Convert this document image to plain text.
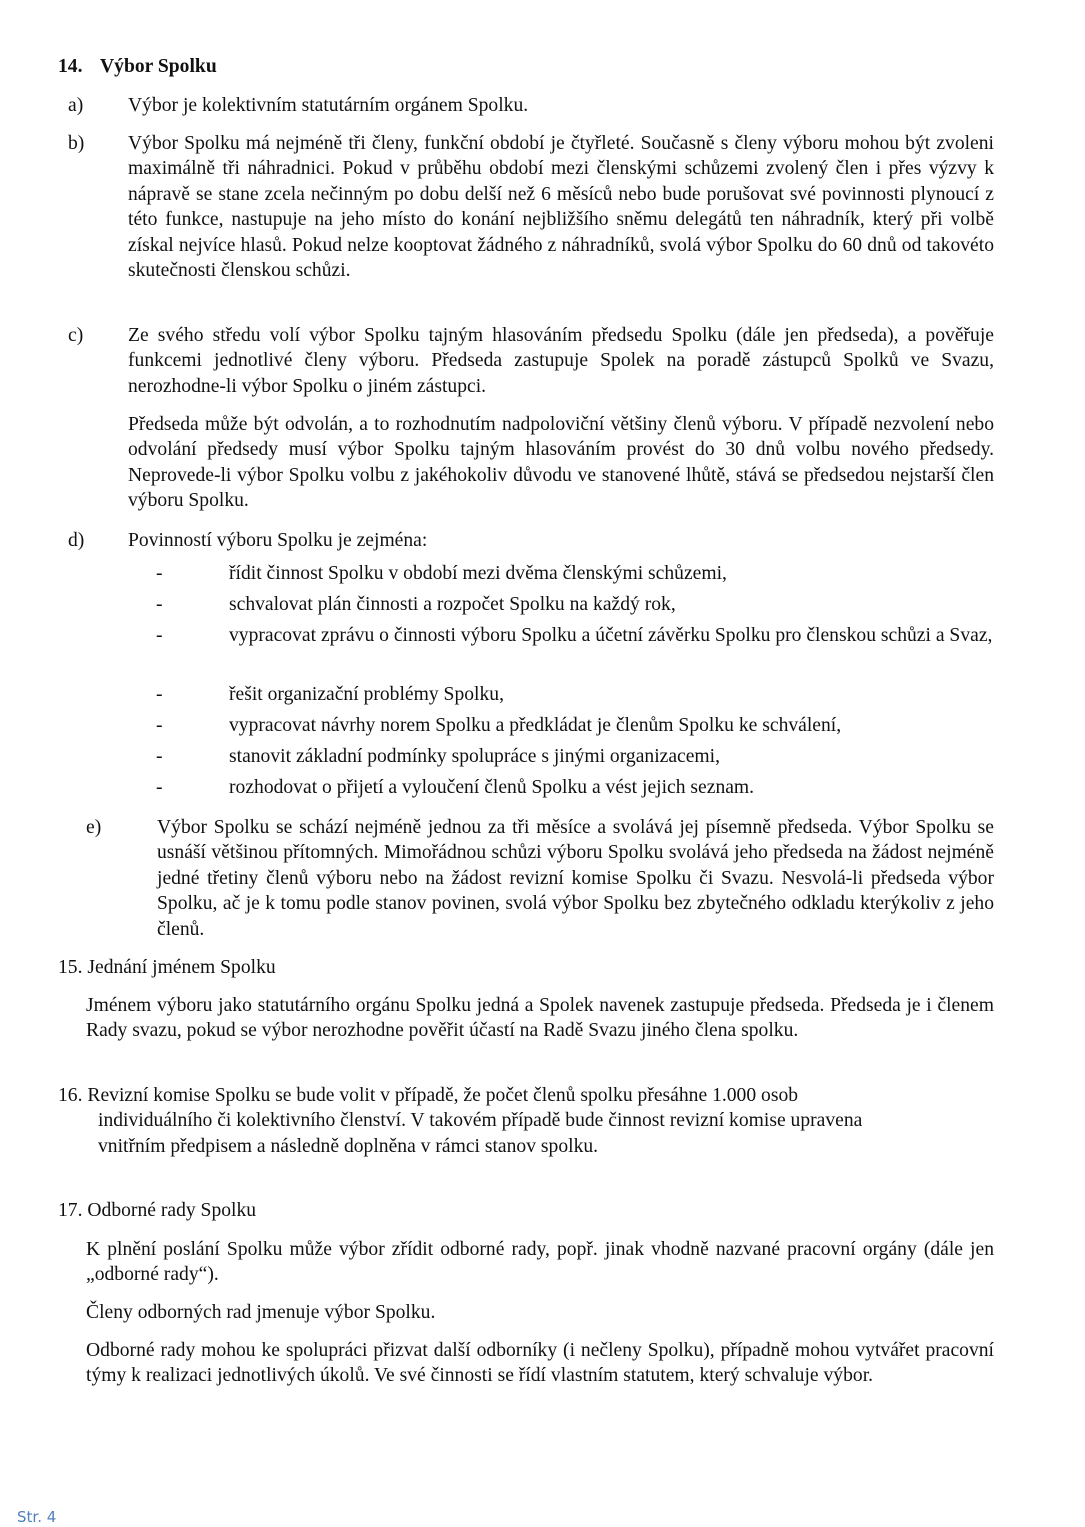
14. Výbor Spolku
a) Výbor je kolektivním statutárním orgánem Spolku.

b) Výbor Spolku má nejméně tři členy, funkční období je čtyřleté. Současně s členy výboru mohou být zvoleni maximálně tři náhradnici. Pokud v průběhu období mezi členskými schůzemi zvolený člen i přes výzvy k nápravě se stane zcela nečinným po dobu delší než 6 měsíců nebo bude porušovat své povinnosti plynoucí z této funkce, nastupuje na jeho místo do konání nejbližšího sněmu delegátů ten náhradník, který při volbě získal nejvíce hlasů. Pokud nelze kooptovat žádného z náhradníků, svolá výbor Spolku do 60 dnů od takovéto skutečnosti členskou schůzi.

c) Ze svého středu volí výbor Spolku tajným hlasováním předsedu Spolku (dále jen předseda), a pověřuje funkcemi jednotlivé členy výboru. Předseda zastupuje Spolek na poradě zástupců Spolků ve Svazu, nerozhodne-li výbor Spolku o jiném zástupci.

Předseda může být odvolán, a to rozhodnutím nadpoloviční většiny členů výboru. V případě nezvolení nebo odvolání předsedy musí výbor Spolku tajným hlasováním provést do 30 dnů volbu nového předsedy. Neprovede-li výbor Spolku volbu z jakéhokoliv důvodu ve stanovené lhůtě, stává se předsedou nejstarší člen výboru Spolku.

d) Povinností výboru Spolku je zejména:

-	řídit činnost Spolku v období mezi dvěma členskými schůzemi,

-	schvalovat plán činnosti a rozpočet Spolku na každý rok,

-	vypracovat zprávu o činnosti výboru Spolku a účetní závěrku Spolku pro členskou schůzi a Svaz,

-	řešit organizační problémy Spolku,

-	vypracovat návrhy norem Spolku a předkládat je členům Spolku ke schválení,

-	stanovit základní podmínky spolupráce s jinými organizacemi,

-	rozhodovat o přijetí a vyloučení členů Spolku a vést jejich seznam.

e)	Výbor Spolku se schází nejméně jednou za tři měsíce a svolává jej písemně předseda. Výbor Spolku se usnáší většinou přítomných. Mimořádnou schůzi výboru Spolku svolává jeho předseda na žádost nejméně jedné třetiny členů výboru nebo na žádost revizní komise Spolku či Svazu. Nesvolá-li předseda výbor Spolku, ač je k tomu podle stanov povinen, svolá výbor Spolku bez zbytečného odkladu kterýkoliv z jeho členů.

15. Jednání jménem Spolku

Jménem výboru jako statutárního orgánu Spolku jedná a Spolek navenek zastupuje předseda. Předseda je i členem Rady svazu, pokud se výbor nerozhodne pověřit účastí na Radě Svazu jiného člena spolku.

16. Revizní komise Spolku se bude volit v případě, že počet členů spolku přesáhne 1.000 osob
individuálního či kolektivního členství. V takovém případě bude činnost revizní komise upravena
vnitřním předpisem a následně doplněna v rámci stanov spolku.
17. Odborné rady Spolku

K plnění poslání Spolku může výbor zřídit odborné rady, popř. jinak vhodně nazvané pracovní orgány (dále jen „odborné rady“).

Členy odborných rad jmenuje výbor Spolku.

Odborné rady mohou ke spolupráci přizvat další odborníky (i nečleny Spolku), případně mohou vytvářet pracovní týmy k realizaci jednotlivých úkolů. Ve své činnosti se řídí vlastním statutem, který schvaluje výbor.

Str. 4
